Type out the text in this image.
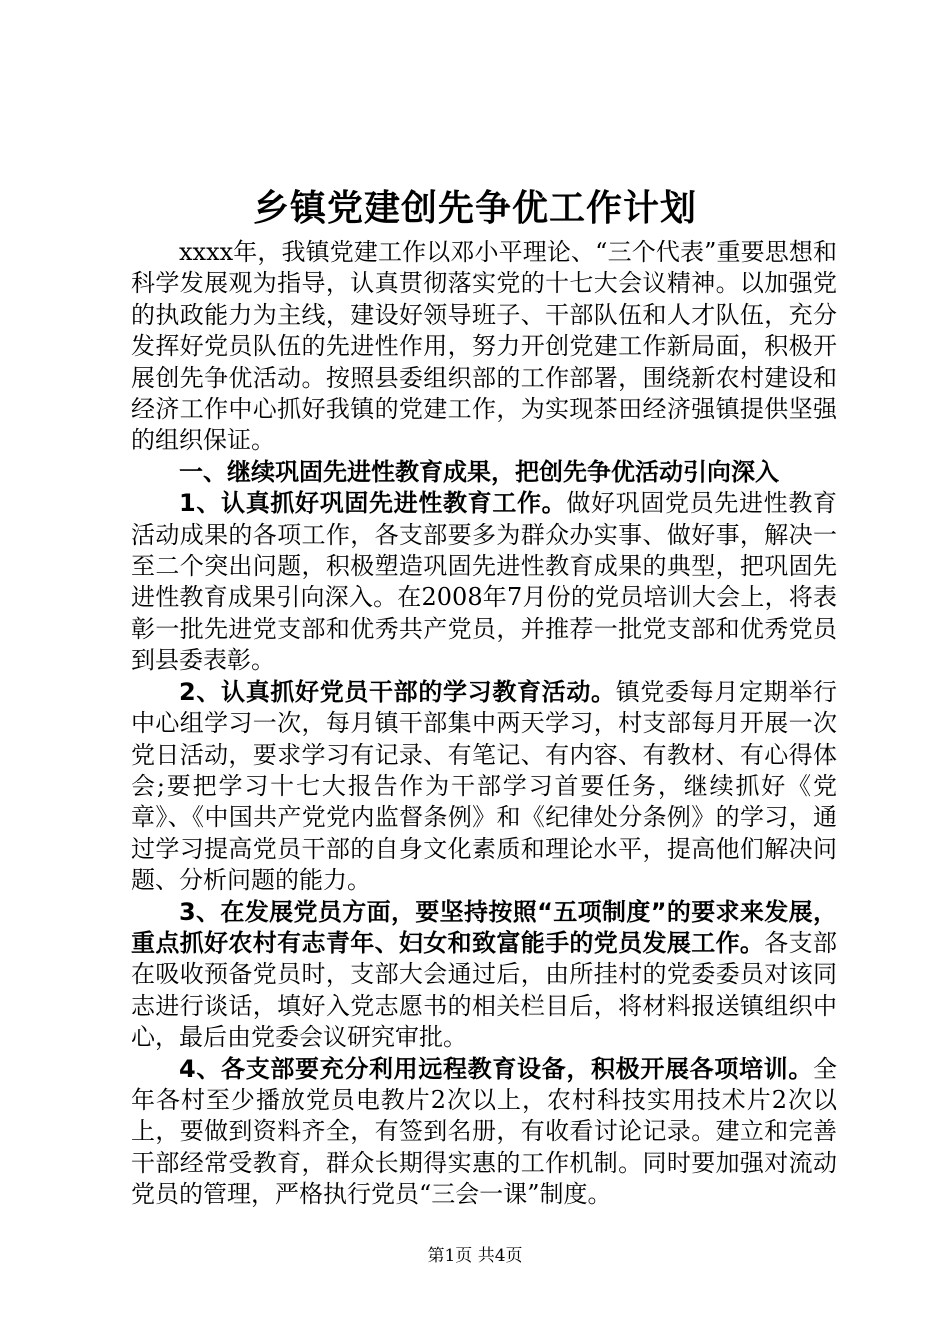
乡镇党建创先争优工作计划

xxxx年，我镇党建工作以邓小平理论、“三个代表”重要思想和科学发展观为指导，认真贯彻落实党的十七大会议精神。以加强党的执政能力为主线，建设好领导班子、干部队伍和人才队伍，充分发挥好党员队伍的先进性作用，努力开创党建工作新局面，积极开展创先争优活动。按照县委组织部的工作部署，围绕新农村建设和经济工作中心抓好我镇的党建工作，为实现茶田经济强镇提供坚强的组织保证。

一、继续巩固先进性教育成果，把创先争优活动引向深入

1、认真抓好巩固先进性教育工作。做好巩固党员先进性教育活动成果的各项工作，各支部要多为群众办实事、做好事，解决一至二个突出问题，积极塑造巩固先进性教育成果的典型，把巩固先进性教育成果引向深入。在2008年7月份的党员培训大会上，将表彰一批先进党支部和优秀共产党员，并推荐一批党支部和优秀党员到县委表彰。

2、认真抓好党员干部的学习教育活动。镇党委每月定期举行中心组学习一次，每月镇干部集中两天学习，村支部每月开展一次党日活动，要求学习有记录、有笔记、有内容、有教材、有心得体会;要把学习十七大报告作为干部学习首要任务，继续抓好《党章》、《中国共产党党内监督条例》和《纪律处分条例》的学习，通过学习提高党员干部的自身文化素质和理论水平，提高他们解决问题、分析问题的能力。

3、在发展党员方面，要坚持按照“五项制度”的要求来发展，重点抓好农村有志青年、妇女和致富能手的党员发展工作。各支部在吸收预备党员时，支部大会通过后，由所挂村的党委委员对该同志进行谈话，填好入党志愿书的相关栏目后，将材料报送镇组织中心，最后由党委会议研究审批。

4、各支部要充分利用远程教育设备，积极开展各项培训。全年各村至少播放党员电教片2次以上，农村科技实用技术片2次以上，要做到资料齐全，有签到名册，有收看讨论记录。建立和完善干部经常受教育，群众长期得实惠的工作机制。同时要加强对流动党员的管理，严格执行党员“三会一课”制度。

第1页 共4页
